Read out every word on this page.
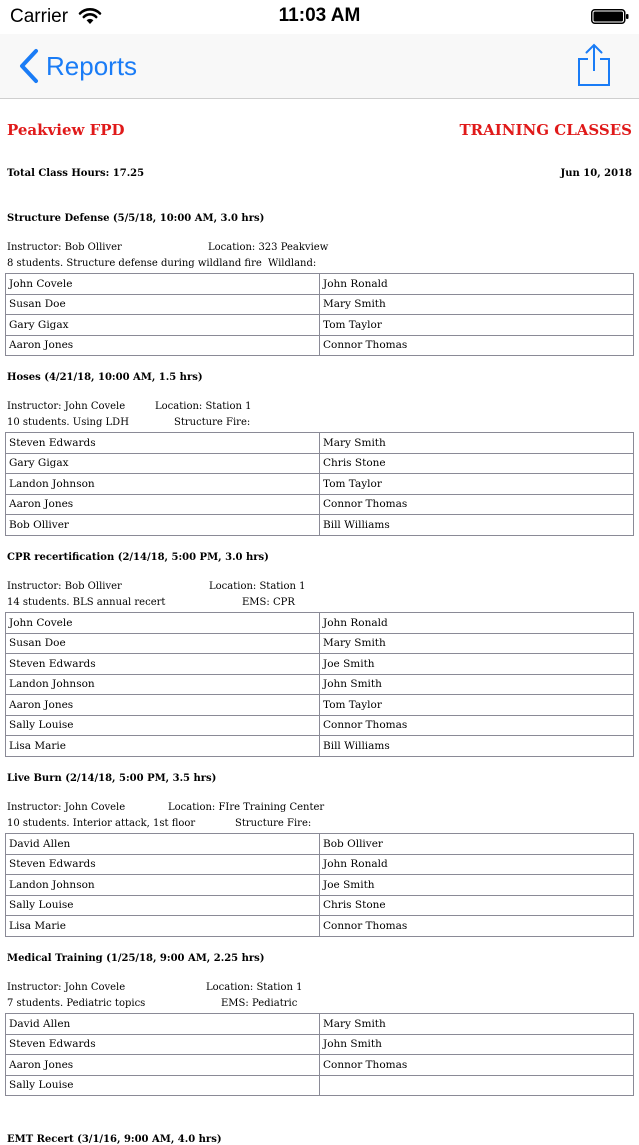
Carrier	11:03 AM
Reports
Peakview FPD	TRAINING CLASSES
Total Class Hours: 17.25	Jun 10, 2018
Structure Defense (5/5/18, 10:00 AM, 3.0 hrs)
Instructor: Bob Olliver	Location: 323 Peakview
8 students. Structure defense during wildland fire Wildland:
John Covele	John Ronald
Susan Doe	Mary Smith
Gary Gigax	Tom Taylor
Aaron Jones	Connor Thomas
Hoses (4/21/18, 10:00 AM, 1.5 hrs)
Instructor: John Covele	Location: Station 1
10 students. Using LDH	Structure Fire:
Steven Edwards	Mary Smith
Gary Gigax	Chris Stone
Landon Johnson	Tom Taylor
Aaron Jones	Connor Thomas
Bob Olliver	Bill Williams
CPR recertification (2/14/18, 5:00 PM, 3.0 hrs)
Instructor: Bob Olliver	Location: Station 1
14 students. BLS annual recert	EMS: CPR
John Covele	John Ronald
Susan Doe	Mary Smith
Steven Edwards	Joe Smith
Landon Johnson	John Smith
Aaron Jones	Tom Taylor
Sally Louise	Connor Thomas
Lisa Marie	Bill Williams
Live Burn (2/14/18, 5:00 PM, 3.5 hrs)
Instructor: John Covele	Location: FIre Training Center
10 students. Interior attack, 1st floor	Structure Fire:
David Allen	Bob Olliver
Steven Edwards	John Ronald
Landon Johnson	Joe Smith
Sally Louise	Chris Stone
Lisa Marie	Connor Thomas
Medical Training (1/25/18, 9:00 AM, 2.25 hrs)
Instructor: John Covele	Location: Station 1
7 students. Pediatric topics	EMS: Pediatric
David Allen	Mary Smith
Steven Edwards	John Smith
Aaron Jones	Connor Thomas
Sally Louise	
EMT Recert (3/1/16, 9:00 AM, 4.0 hrs)
